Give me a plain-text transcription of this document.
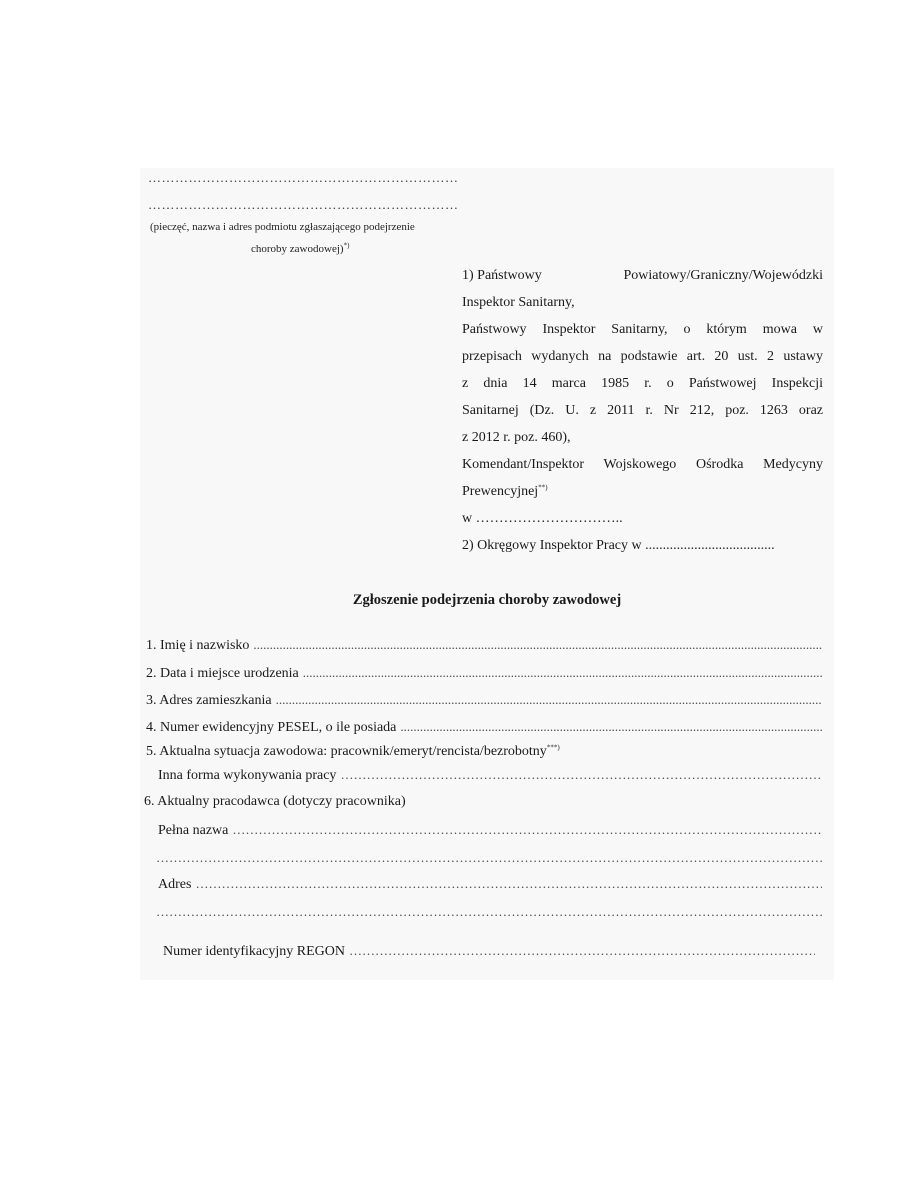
……………………………………………………………
……………………………………………………………
(pieczęć, nazwa i adres podmiotu zgłaszającego podejrzenie
choroby zawodowej)*)

1) Państwowy	Powiatowy/Graniczny/Wojewódzki

Inspektor Sanitarny,

Państwowy Inspektor Sanitarny, o którym mowa w

przepisach wydanych na podstawie art. 20 ust. 2 ustawy

z dnia 14 marca 1985 r. o Państwowej Inspekcji

Sanitarnej (Dz. U. z 2011 r. Nr 212, poz. 1263 oraz

z 2012 r. poz. 460),

Komendant/Inspektor Wojskowego Ośrodka Medycyny

Prewencyjnej**)

w …………………………..

2) Okręgowy Inspektor Pracy w .....................................

Zgłoszenie podejrzenia choroby zawodowej
1. Imię i nazwisko
.....
2. Data i miejsce urodzenia
.....
3. Adres zamieszkania
.....
4. Numer ewidencyjny PESEL, o ile posiada
.....
5. Aktualna sytuacja zawodowa: pracownik/emeryt/rencista/bezrobotny***)
Inna forma wykonywania pracy
……………………………………………………………………………………………………………………………………………………………………………………
6. Aktualny pracodawca (dotyczy pracownika)
Pełna nazwa
……………………………………………………………………………………………………………………………………………………………………………………
……………………………………………………………………………………………………………………………………………………………………………………
Adres
……………………………………………………………………………………………………………………………………………………………………………………
……………………………………………………………………………………………………………………………………………………………………………………
Numer identyfikacyjny REGON
……………………………………………………………………………………………………………………………………………………………………………………
